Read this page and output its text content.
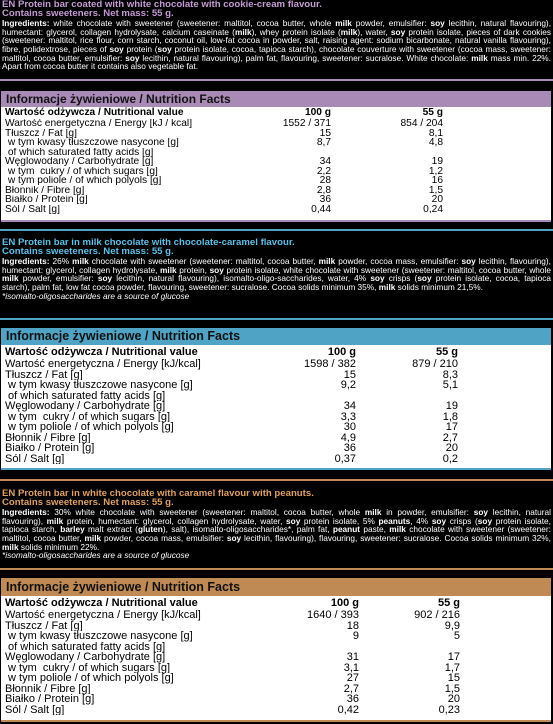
EN Protein bar coated with white chocolate with cookie-cream flavour.
Contains sweeteners. Net mass: 55 g.
Ingredients: white chocolate with sweetener (sweetener: maltitol, cocoa butter, whole milk powder, emulsifier: soy lecithin, natural flavouring), humectant: glycerol, collagen hydrolysate, calcium caseinate (milk), whey protein isolate (milk), water, soy protein isolate, pieces of dark cookies (sweetener: maltitol, rice flour, corn starch, coconut oil, low-fat cocoa in powder, salt, raising agent: sodium bicarbonate, natural vanilla flavouring), fibre, polidextrose, pieces of soy protein (soy protein isolate, cocoa, tapioca starch), chocolate couverture with sweetener (cocoa mass, sweetener: maltitol, cocoa butter, emulsifier: soy lecithin, natural flavouring), palm fat, flavouring, sweetener: sucralose. White chocolate: milk mass min. 22%. Apart from cocoa butter it contains also vegetable fat.
Informacje żywieniowe / Nutrition Facts
Wartość odżywcza / Nutritional value	100 g	55 g
Wartość energetyczna / Energy [kJ / kcal]	1552 / 371	854 / 204
Tłuszcz / Fat [g]	15	8,1
w tym kwasy tłuszczowe nasycone [g]	8,7	4,8
of which saturated fatty acids [g]
Węglowodany / Carbohydrate [g]	34	19
w tym  cukry / of which sugars [g]	2,2	1,2
w tym poliole / of which polyols [g]	28	16
Błonnik / Fibre [g]	2,8	1,5
Białko / Protein [g]	36	20
Sól / Salt [g]	0,44	0,24
EN Protein bar in milk chocolate with chocolate-caramel flavour.
Contains sweeteners. Net mass: 55 g.
Ingredients: 26% milk chocolate with sweetener (sweetener: maltitol, cocoa butter, milk powder, cocoa mass, emulsifier: soy lecithin, flavouring), humectant: glycerol, collagen hydrolysate, milk protein, soy protein isolate, white chocolate with sweetener (sweetener: maltitol, cocoa butter, whole milk powder, emulsifier: soy lecithin, natural flavouring), isomalto-oligo-saccharides, water, 4% soy crisps (soy protein isolate, cocoa, tapioca starch), palm fat, low fat cocoa powder, flavouring, sweetener: sucralose. Cocoa solids minimum 35%, milk solids minimum 21,5%.
*isomalto-oligosaccharides are a source of glucose
Informacje żywieniowe / Nutrition Facts
Wartość odżywcza / Nutritional value	100 g	55 g
Wartość energetyczna / Energy [kJ/kcal]	1598 / 382	879 / 210
Tłuszcz / Fat [g]	15	8,3
w tym kwasy tłuszczowe nasycone [g]	9,2	5,1
of which saturated fatty acids [g]
Węglowodany / Carbohydrate [g]	34	19
w tym  cukry / of which sugars [g]	3,3	1,8
w tym poliole / of which polyols [g]	30	17
Błonnik / Fibre [g]	4,9	2,7
Białko / Protein [g]	36	20
Sól / Salt [g]	0,37	0,2
EN Protein bar in white chocolate with caramel flavour with peanuts.
Contains sweeteners. Net mass: 55 g.
Ingredients: 30% white chocolate with sweetener (sweetener: maltitol, cocoa butter, whole milk in powder, emulsifier: soy lecithin, natural flavouring), milk protein, humectant: glycerol, collagen hydrolysate, water, soy protein isolate, 5% peanuts, 4% soy crisps (soy protein isolate, tapioca starch, barley malt extract (gluten), salt), isomalto-oligosaccharides*, palm fat, peanut paste, milk chocolate with sweetener (sweetener: maltitol, cocoa butter, milk powder, cocoa mass, emulsifier: soy lecithin, flavouring), flavouring, sweetener: sucralose. Cocoa solids minimum 32%, milk solids minimum 22%.
*isomalto-oligosaccharides are a source of glucose
Informacje żywieniowe / Nutrition Facts
Wartość odżywcza / Nutritional value	100 g	55 g
Wartość energetyczna / Energy [kJ/kcal]	1640 / 393	902 / 216
Tłuszcz / Fat [g]	18	9,9
w tym kwasy tłuszczowe nasycone [g]	9	5
of which saturated fatty acids [g]
Węglowodany / Carbohydrate [g]	31	17
w tym  cukry / of which sugars [g]	3,1	1,7
w tym poliole / of which polyols [g]	27	15
Błonnik / Fibre [g]	2,7	1,5
Białko / Protein [g]	36	20
Sól / Salt [g]	0,42	0,23
